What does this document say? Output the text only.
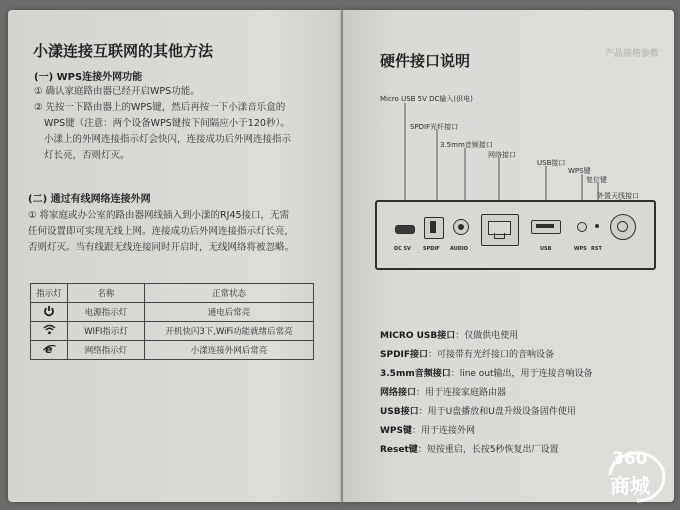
小漾连接互联网的其他方法
(一) WPS连接外网功能
① 确认家庭路由器已经开启WPS功能。
② 先按一下路由器上的WPS键，然后再按一下小漾音乐盒的
WPS键（注意：两个设备WPS键按下间隔应小于120秒）。
小漾上的外网连接指示灯会快闪，连接成功后外网连接指示
灯长亮，否则灯灭。
(二) 通过有线网络连接外网
① 将家庭或办公室的路由器网线插入到小漾的RJ45接口，无需
任何设置即可实现无线上网。连接成功后外网连接指示灯长亮，
否则灯灭。当有线跟无线连接同时开启时，无线网络将被忽略。
指示灯	名称	正常状态
	电源指示灯	通电后常亮
	WIFI指示灯	开机快闪3下,WiFi功能就绪后常亮

e	网络指示灯	小漾连接外网后常亮
产品规格参数
硬件接口说明
Micro USB 5V DC输入(供电)
SPDIF光纤接口
3.5mm音频接口
网络接口
USB接口
WPS键
复位键
外置天线接口
DC 5V SPDIF AUDIO	USB	WPS RST
MICRO USB接口：仅做供电使用
SPDIF接口：可接带有光纤接口的音响设备
3.5mm音频接口：line out输出，用于连接音响设备
网络接口：用于连接家庭路由器
USB接口：用于U盘播放和U盘升级设备固件使用
WPS键：用于连接外网
Reset键：短按重启，长按5秒恢复出厂设置	360
商城
